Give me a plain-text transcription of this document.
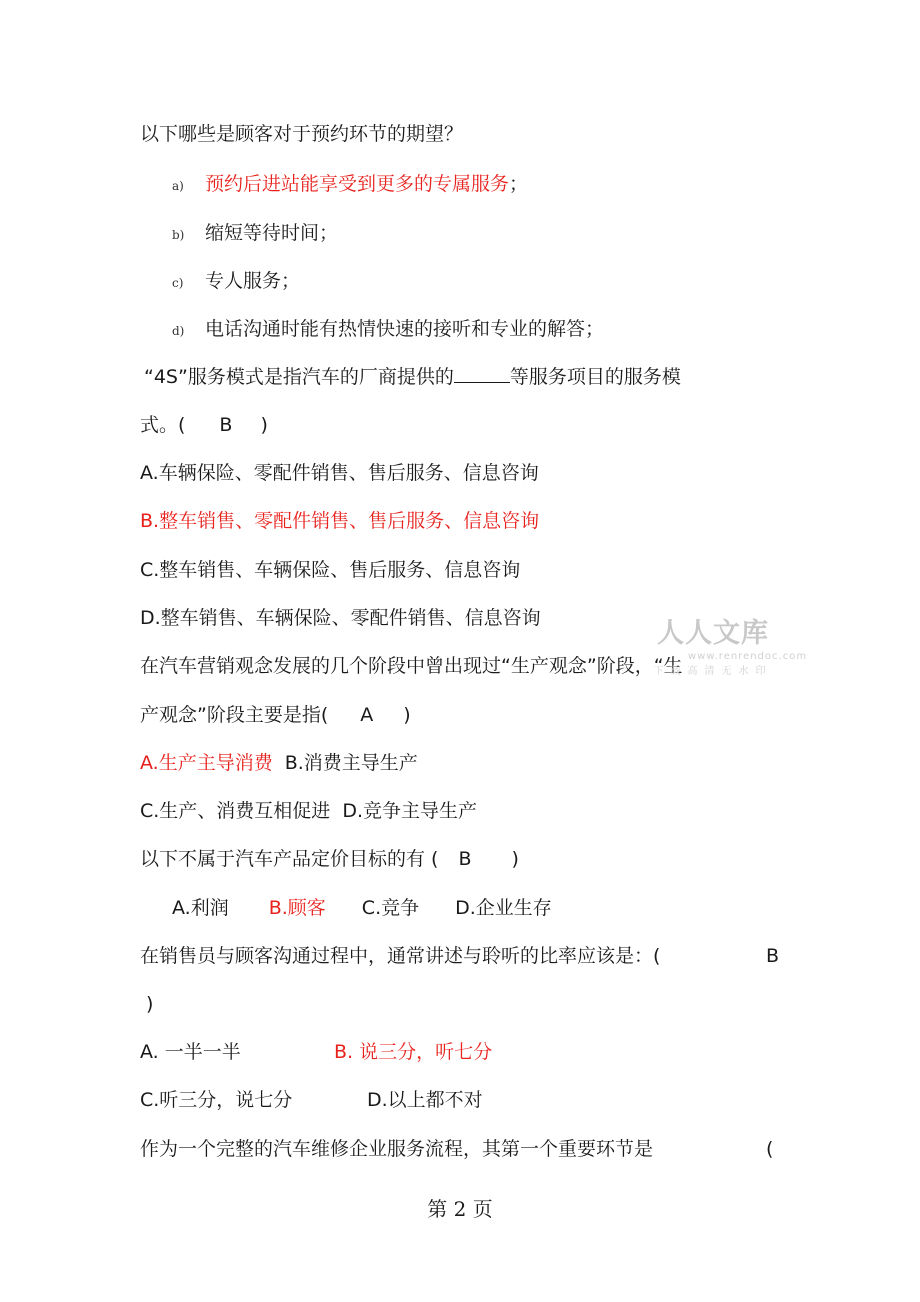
以下哪些是顾客对于预约环节的期望？
a) 预约后进站能享受到更多的专属服务；
b) 缩短等待时间；
c) 专人服务；
d) 电话沟通时能有热情快速的接听和专业的解答；
“4S”服务模式是指汽车的厂商提供的	等服务项目的服务模
式。( B )
A.车辆保险、零配件销售、售后服务、信息咨询
B.整车销售、零配件销售、售后服务、信息咨询
C.整车销售、车辆保险、售后服务、信息咨询
D.整车销售、车辆保险、零配件销售、信息咨询
在汽车营销观念发展的几个阶段中曾出现过“生产观念”阶段，“生
产观念”阶段主要是指( A )
A.生产主导消费 B.消费主导生产
C.生产、消费互相促进 D.竞争主导生产
以下不属于汽车产品定价目标的有 ( B )
A.利润 B.顾客 C.竞争 D.企业生存
在销售员与顾客沟通过程中，通常讲述与聆听的比率应该是：(	B
)
A. 一半一半	B. 说三分，听七分
C.听三分，说七分	D.以上都不对
作为一个完整的汽车维修企业服务流程，其第一个重要环节是	(
第 2 页
人人文库
www.renrendoc.com
下载高清无水印
